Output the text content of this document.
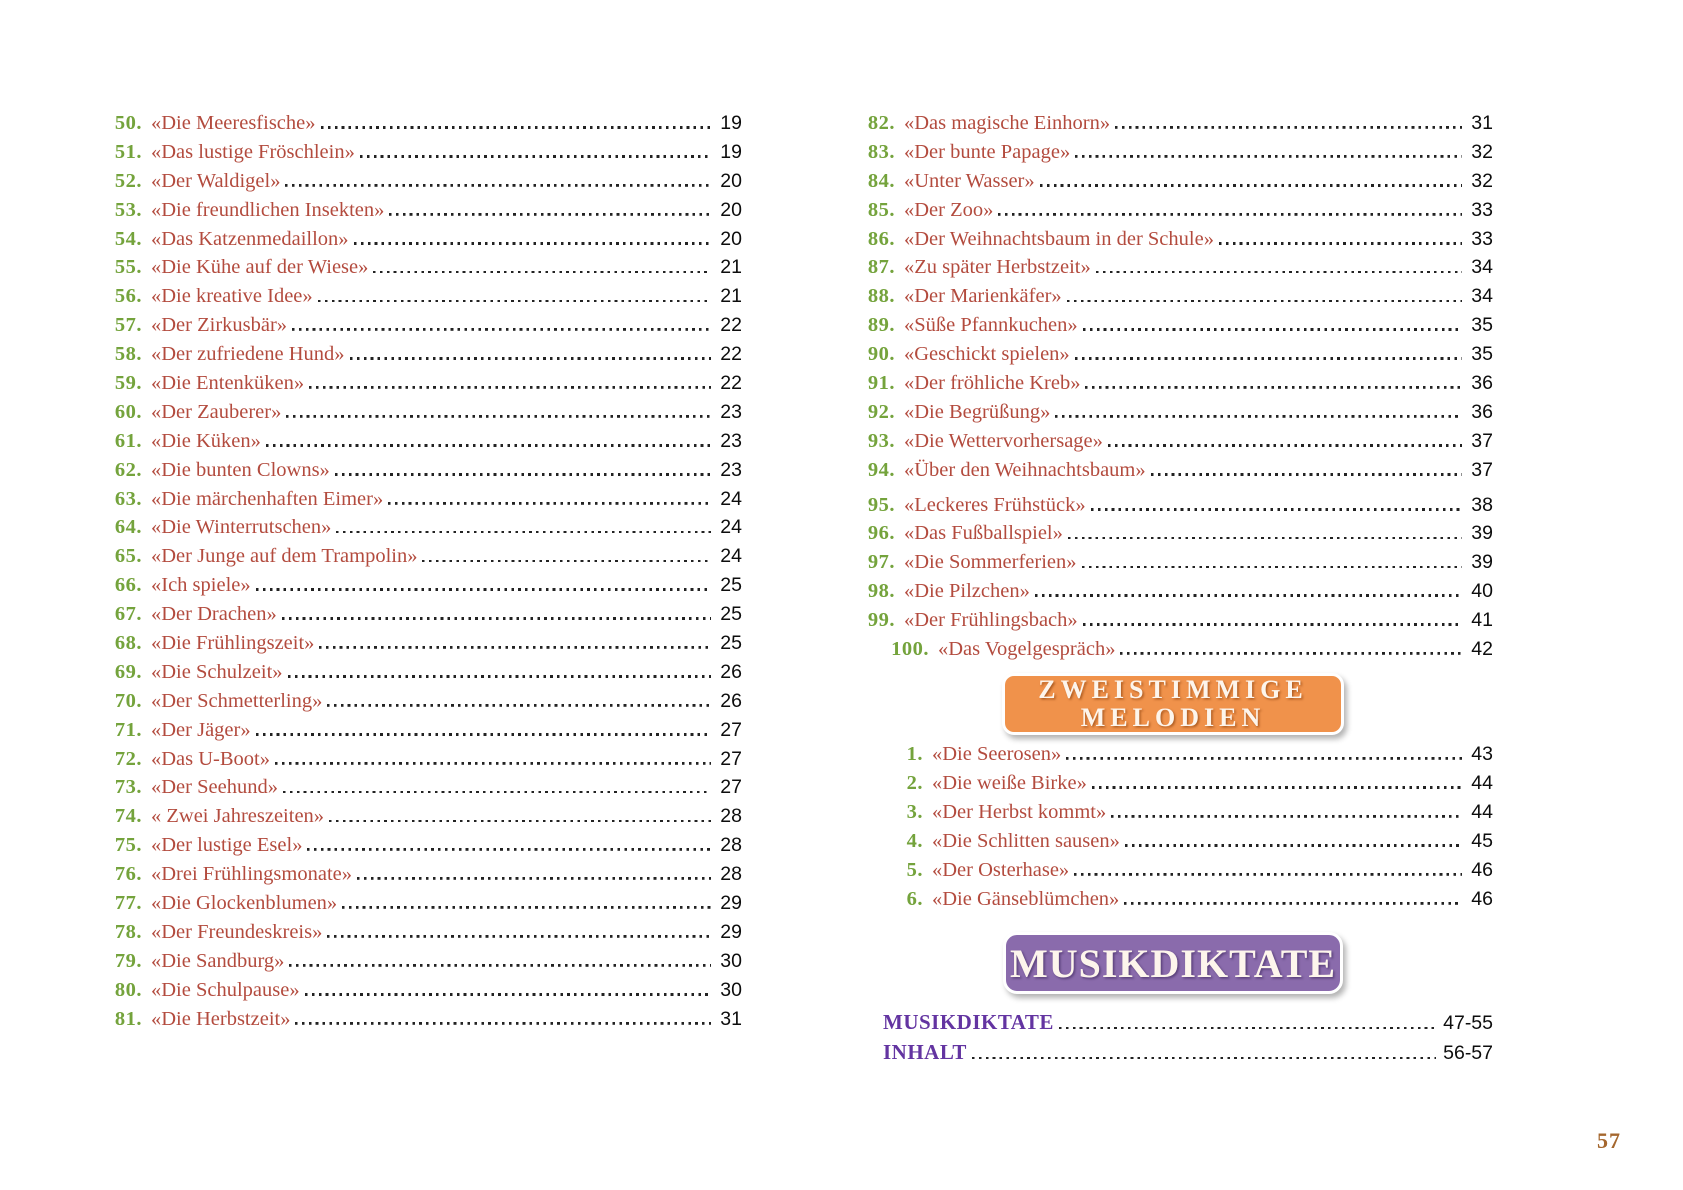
50. «Die Meeresfische»	19
51. «Das lustige Fröschlein»	19
52. «Der Waldigel»	20
53. «Die freundlichen Insekten»	20
54. «Das Katzenmedaillon»	20
55. «Die Kühe auf der Wiese»	21
56. «Die kreative Idee»	21
57. «Der Zirkusbär»	22
58. «Der zufriedene Hund»	22
59. «Die Entenküken»	22
60. «Der Zauberer»	23
61. «Die Küken»	23
62. «Die bunten Clowns»	23
63. «Die märchenhaften Eimer»	24
64. «Die Winterrutschen»	24
65. «Der Junge auf dem Trampolin»	24
66. «Ich spiele»	25
67. «Der Drachen»	25
68. «Die Frühlingszeit»	25
69. «Die Schulzeit»	26
70. «Der Schmetterling»	26
71. «Der Jäger»	27
72. «Das U-Boot»	27
73. «Der Seehund»	27
74. « Zwei Jahreszeiten»	28
75. «Der lustige Esel»	28
76. «Drei Frühlingsmonate»	28
77. «Die Glockenblumen»	29
78. «Der Freundeskreis»	29
79. «Die Sandburg»	30
80. «Die Schulpause»	30
81. «Die Herbstzeit»	31
82. «Das magische Einhorn»	31
83. «Der bunte Papage»	32
84. «Unter Wasser»	32
85. «Der Zoo»	33
86. «Der Weihnachtsbaum in der Schule»	33
87. «Zu später Herbstzeit»	34
88. «Der Marienkäfer»	34
89. «Süße Pfannkuchen»	35
90. «Geschickt spielen»	35
91. «Der fröhliche Kreb»	36
92. «Die Begrüßung»	36
93. «Die Wettervorhersage»	37
94. «Über den Weihnachtsbaum»	37
95. «Leckeres Frühstück»	38
96. «Das Fußballspiel»	39
97. «Die Sommerferien»	39
98. «Die Pilzchen»	40
99. «Der Frühlingsbach»	41
100. «Das Vogelgespräch»	42
ZWEISTIMMIGE
MELODIEN
1. «Die Seerosen»	43
2. «Die weiße Birke»	44
3. «Der Herbst kommt»	44
4. «Die Schlitten sausen»	45
5. «Der Osterhase»	46
6. «Die Gänseblümchen»	46
MUSIKDIKTATE
MUSIKDIKTATE	47-55
INHALT	56-57
57
